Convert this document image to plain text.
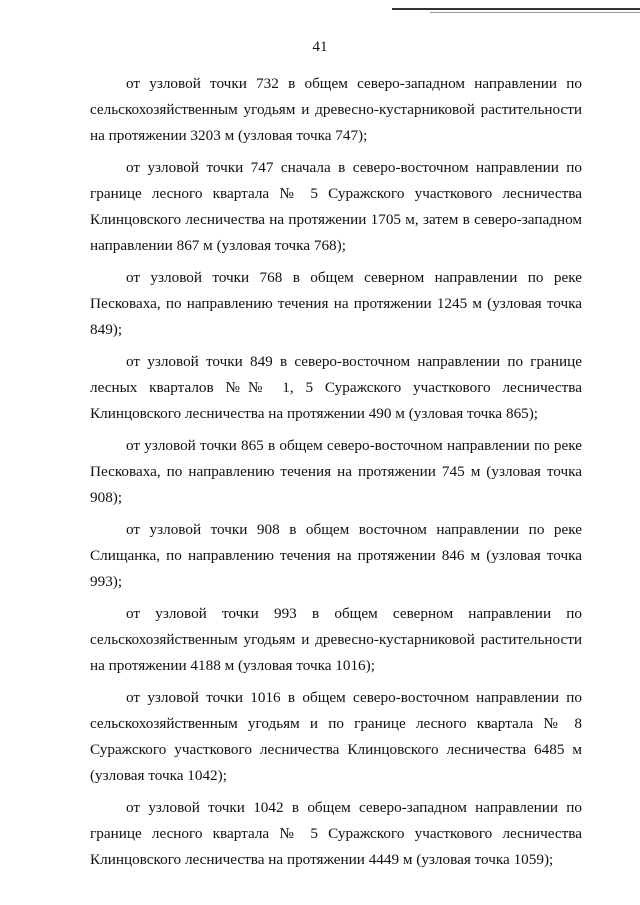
41

от узловой точки 732 в общем северо-западном направлении по сельскохозяйственным угодьям и древесно-кустарниковой растительности на протяжении 3203 м (узловая точка 747);

от узловой точки 747 сначала в северо-восточном направлении по границе лесного квартала № 5 Суражского участкового лесничества Клинцовского лесничества на протяжении 1705 м, затем в северо-западном направлении 867 м (узловая точка 768);

от узловой точки 768 в общем северном направлении по реке Песковаха, по направлению течения на протяжении 1245 м (узловая точка 849);

от узловой точки 849 в северо-восточном направлении по границе лесных кварталов №№ 1, 5 Суражского участкового лесничества Клинцовского лесничества на протяжении 490 м (узловая точка 865);

от узловой точки 865 в общем северо-восточном направлении по реке Песковаха, по направлению течения на протяжении 745 м (узловая точка 908);

от узловой точки 908 в общем восточном направлении по реке Слищанка, по направлению течения на протяжении 846 м (узловая точка 993);

от узловой точки 993 в общем северном направлении по сельскохозяйственным угодьям и древесно-кустарниковой растительности на протяжении 4188 м (узловая точка 1016);

от узловой точки 1016 в общем северо-восточном направлении по сельскохозяйственным угодьям и по границе лесного квартала № 8 Суражского участкового лесничества Клинцовского лесничества 6485 м (узловая точка 1042);

от узловой точки 1042 в общем северо-западном направлении по границе лесного квартала № 5 Суражского участкового лесничества Клинцовского лесничества на протяжении 4449 м (узловая точка 1059);
